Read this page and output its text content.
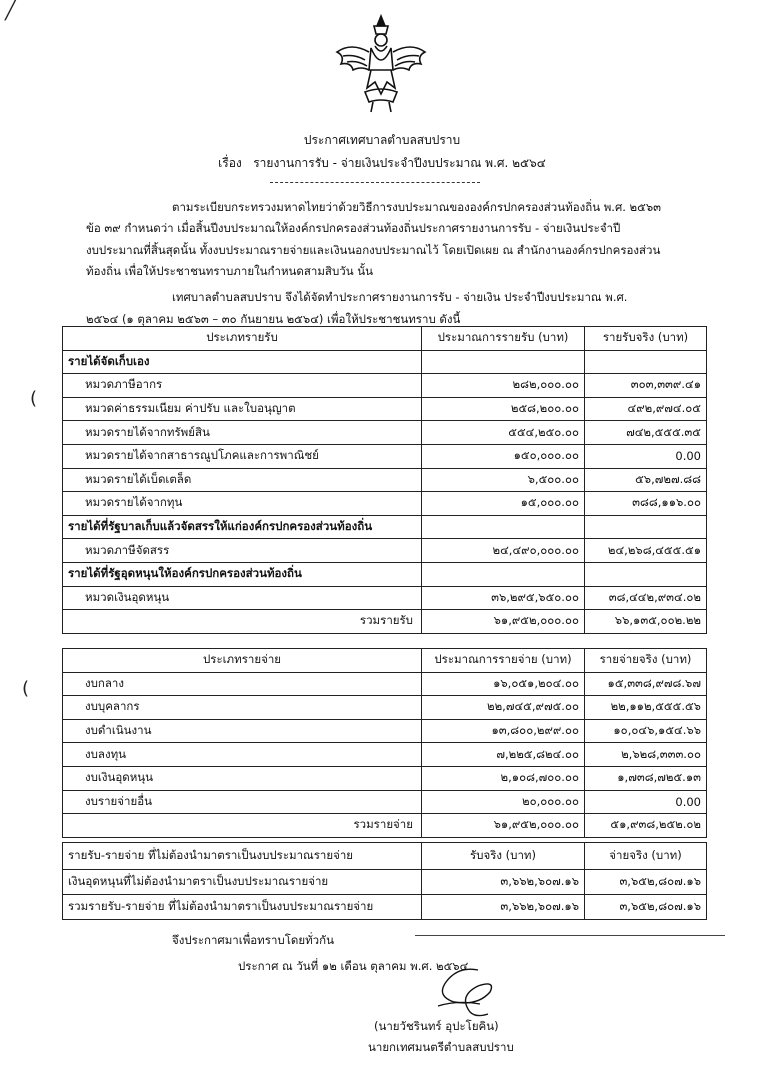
╱
ประกาศเทศบาลตำบลสบปราบ
เรื่อง รายงานการรับ - จ่ายเงินประจำปีงบประมาณ พ.ศ. ๒๕๖๔
ตามระเบียบกระทรวงมหาดไทยว่าด้วยวิธีการงบประมาณขององค์กรปกครองส่วนท้องถิ่น พ.ศ. ๒๕๖๓
ข้อ ๓๙ กำหนดว่า เมื่อสิ้นปีงบประมาณให้องค์กรปกครองส่วนท้องถิ่นประกาศรายงานการรับ - จ่ายเงินประจำปี
งบประมาณที่สิ้นสุดนั้น ทั้งงบประมาณรายจ่ายและเงินนอกงบประมาณไว้ โดยเปิดเผย ณ สำนักงานองค์กรปกครองส่วน
ท้องถิ่น เพื่อให้ประชาชนทราบภายในกำหนดสามสิบวัน นั้น
เทศบาลตำบลสบปราบ จึงได้จัดทำประกาศรายงานการรับ - จ่ายเงิน ประจำปีงบประมาณ พ.ศ.
๒๕๖๔ (๑ ตุลาคม ๒๕๖๓ – ๓๐ กันยายน ๒๕๖๔) เพื่อให้ประชาชนทราบ ดังนี้
ประเภทรายรับ	ประมาณการรายรับ (บาท)	รายรับจริง (บาท)
รายได้จัดเก็บเอง		
หมวดภาษีอากร	๒๘๒,๐๐๐.๐๐	๓๐๓,๓๓๙.๔๑
หมวดค่าธรรมเนียม ค่าปรับ และใบอนุญาต	๒๕๘,๒๐๐.๐๐	๔๙๒,๙๗๔.๐๕
หมวดรายได้จากทรัพย์สิน	๕๕๔,๒๕๐.๐๐	๗๔๒,๕๕๕.๓๕
หมวดรายได้จากสาธารณูปโภคและการพาณิชย์	๑๕๐,๐๐๐.๐๐	0.00
หมวดรายได้เบ็ดเตล็ด	๖,๕๐๐.๐๐	๕๖,๗๒๗.๘๘
หมวดรายได้จากทุน	๑๕,๐๐๐.๐๐	๓๘๘,๑๑๖.๐๐
รายได้ที่รัฐบาลเก็บแล้วจัดสรรให้แก่องค์กรปกครองส่วนท้องถิ่น		
หมวดภาษีจัดสรร	๒๔,๔๙๐,๐๐๐.๐๐	๒๔,๒๖๘,๔๕๕.๕๑
รายได้ที่รัฐอุดหนุนให้องค์กรปกครองส่วนท้องถิ่น		
หมวดเงินอุดหนุน	๓๖,๒๙๕,๖๕๐.๐๐	๓๘,๔๔๒,๙๓๔.๐๒
รวมรายรับ	๖๑,๙๕๒,๐๐๐.๐๐	๖๖,๑๓๕,๐๐๒.๒๒
ประเภทรายจ่าย	ประมาณการรายจ่าย (บาท)	รายจ่ายจริง (บาท)
งบกลาง	๑๖,๐๕๑,๒๐๔.๐๐	๑๕,๓๓๘,๙๗๘.๖๗
งบบุคลากร	๒๒,๗๔๕,๙๗๕.๐๐	๒๒,๑๑๒,๕๕๕.๕๖
งบดำเนินงาน	๑๓,๘๐๐,๒๙๙.๐๐	๑๐,๐๔๖,๑๕๔.๖๖
งบลงทุน	๗,๒๒๕,๘๒๔.๐๐	๒,๖๒๘,๓๓๓.๐๐
งบเงินอุดหนุน	๒,๑๐๘,๗๐๐.๐๐	๑,๗๓๘,๗๒๕.๑๓
งบรายจ่ายอื่น	๒๐,๐๐๐.๐๐	0.00
รวมรายจ่าย	๖๑,๙๕๒,๐๐๐.๐๐	๕๑,๙๓๘,๒๕๒.๐๒
รายรับ-รายจ่าย ที่ไม่ต้องนำมาตราเป็นงบประมาณรายจ่าย	รับจริง (บาท)	จ่ายจริง (บาท)
เงินอุดหนุนที่ไม่ต้องนำมาตราเป็นงบประมาณรายจ่าย	๓,๖๖๒,๖๐๗.๑๖	๓,๖๕๒,๘๐๗.๑๖
รวมรายรับ-รายจ่าย ที่ไม่ต้องนำมาตราเป็นงบประมาณรายจ่าย	๓,๖๖๒,๖๐๗.๑๖	๓,๖๕๒,๘๐๗.๑๖
(
(
จึงประกาศมาเพื่อทราบโดยทั่วกัน
ประกาศ ณ วันที่ ๑๒ เดือน ตุลาคม พ.ศ. ๒๕๖๔
(นายวัชรินทร์ อุปะโยคิน)
นายกเทศมนตรีตำบลสบปราบ
